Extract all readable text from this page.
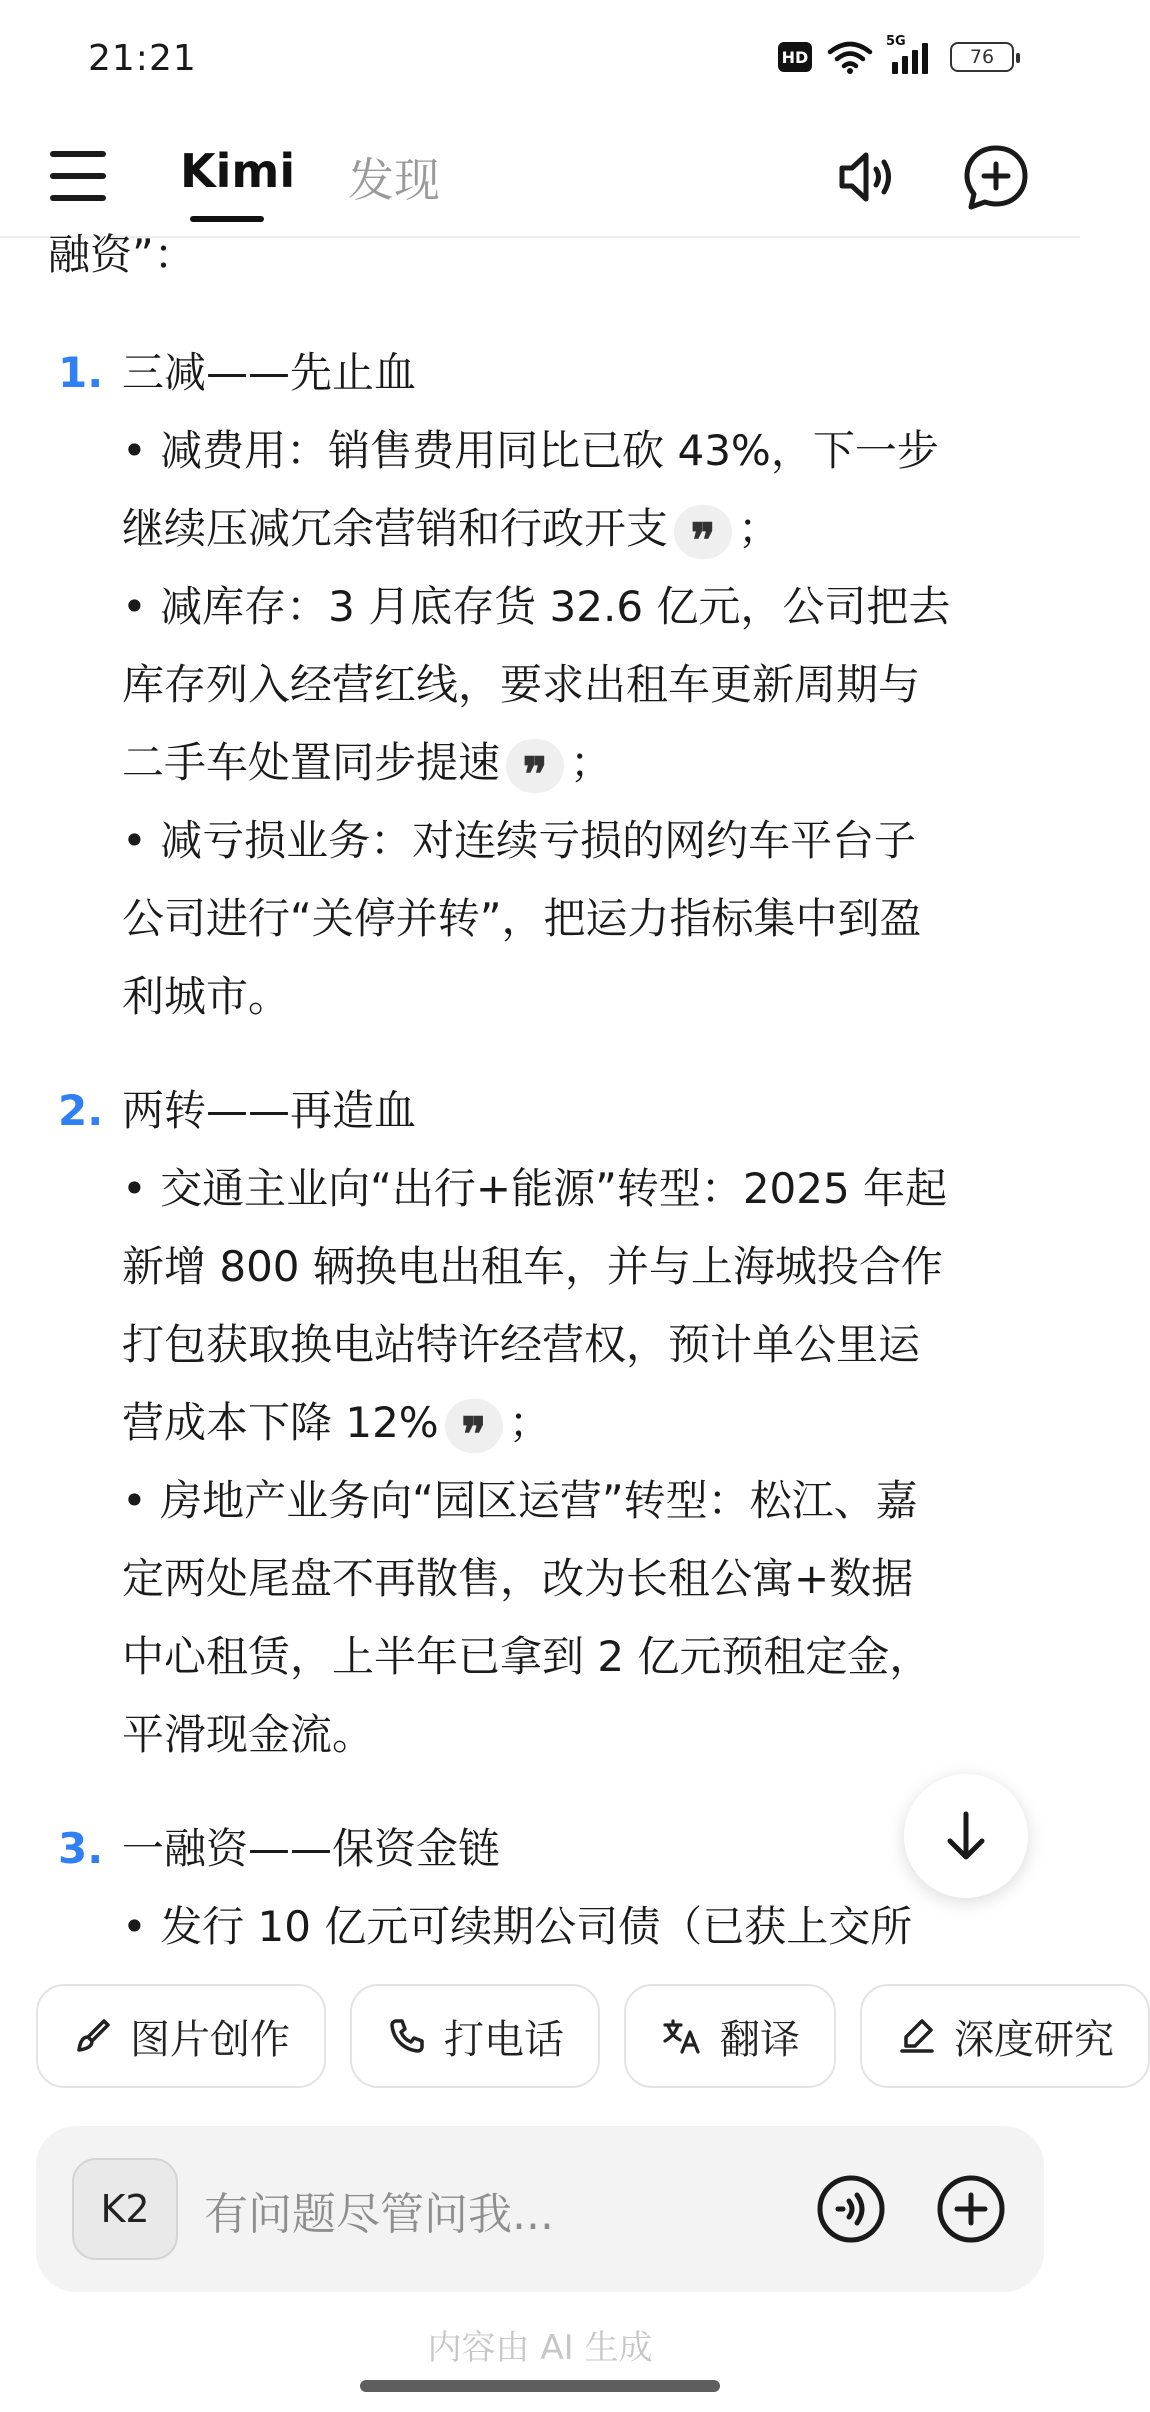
21:21	HD
5G
76
Kimi 发现
融资”：
1. 三减——先止血
• 减费用：销售费用同比已砍 43%，下一步
继续压减冗余营销和行政开支 ❞ ；
• 减库存：3 月底存货 32.6 亿元，公司把去
库存列入经营红线，要求出租车更新周期与
二手车处置同步提速 ❞ ；
• 减亏损业务：对连续亏损的网约车平台子
公司进行“关停并转”，把运力指标集中到盈
利城市。
2. 两转——再造血
• 交通主业向“出行+能源”转型：2025 年起
新增 800 辆换电出租车，并与上海城投合作
打包获取换电站特许经营权，预计单公里运
营成本下降 12% ❞ ；
• 房地产业务向“园区运营”转型：松江、嘉
定两处尾盘不再散售，改为长租公寓+数据
中心租赁，上半年已拿到 2 亿元预租定金，
平滑现金流。
3. 一融资——保资金链
• 发行 10 亿元可续期公司债（已获上交所
图片创作	打电话	翻译	深度研究
K2	有问题尽管问我...
内容由 AI 生成
